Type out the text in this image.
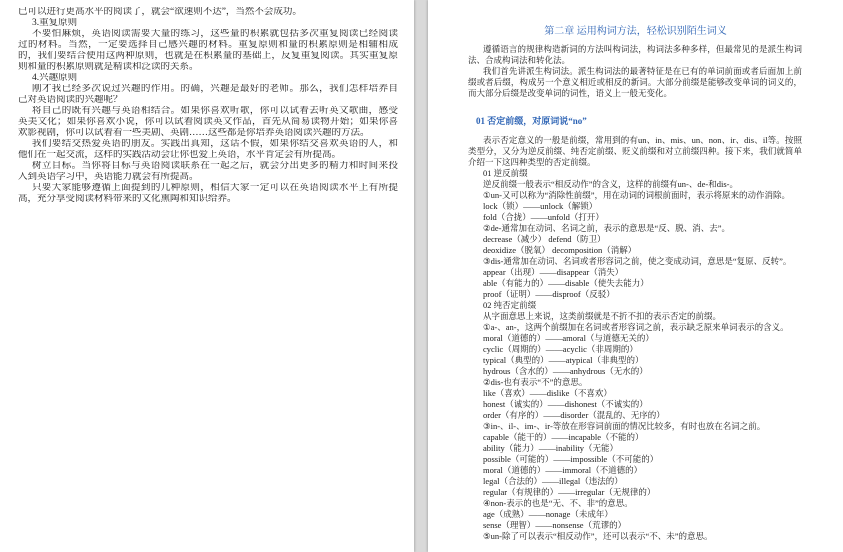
已可以进行更高水平的阅读了，就会“欲速则不达”，当然不会成功。
3.重复原则
不要怕麻烦，英语阅读需要大量的练习，这些量的积累就包括多次重复阅读已经阅读
过的材料。当然，一定要选择自己感兴趣的材料。重复原则和量的积累原则是相辅相成
的，我们要结合使用这两种原则，也就是在积累量的基础上，反复重复阅读。其实重复原
则和量的积累原则就是精读和泛读的关系。
4.兴趣原则
刚才我已经多次说过兴趣的作用。的确，兴趣是最好的老师。那么，我们怎样培养自
己对英语阅读的兴趣呢？
将自己的既有兴趣与英语相结合。如果你喜欢听歌，你可以试着去听英文歌曲，感受
英美文化；如果你喜欢小说，你可以试着阅读英文作品，首先从简易读物开始；如果你喜
欢影视剧，你可以试着看一些美剧、英剧……这些都是你培养英语阅读兴趣的方法。
我们要结交热爱英语的朋友。实践出真知，这话不假，如果你结交喜欢英语的人，和
他们在一起交流，这样的实践活动会让你也爱上英语，水平肯定会有所提高。
树立目标。当你将目标与英语阅读联系在一起之后，就会分出更多的精力和时间来投
入到英语学习中，英语能力就会有所提高。
只要大家能够遵循上面提到的几种原则，相信大家一定可以在英语阅读水平上有所提
高，充分享受阅读材料带来的文化熏陶和知识给养。
第二章 运用构词方法，轻松识别陌生词义
遵循语言的规律构造新词的方法叫构词法，构词法多种多样，但最常见的是派生构词
法、合成构词法和转化法。
我们首先讲派生构词法。派生构词法的最著特征是在已有的单词前面或者后面加上前
缀或者后缀，构成另一个意义相近或相反的新词。大部分前缀是能够改变单词的词义的，
而大部分后缀是改变单词的词性，语义上一般无变化。
01 否定前缀，对原词说“no”
表示否定意义的一般是前缀，常用到的有un、in、mis、un、non、ir、dis、il等。按照
类型分，又分为逆反前缀、纯否定前缀、贬义前缀和对立前缀四种。接下来，我们就简单
介绍一下这四种类型的否定前缀。
01 逆反前缀
逆反前缀一般表示“相反动作”的含义，这样的前缀有un-、de-和dis-。
①un-又可以称为“消除性前缀”，用在动词的词根前面时，表示将原来的动作消除。
lock（锁）——unlock（解锁）
fold（合拢）——unfold（打开）
②de-通常加在动词、名词之前，表示的意思是“反、脱、消、去”。
decrease（减少） defend（防卫）
deoxidize（脱氧） decomposition（消解）
③dis-通常加在动词、名词或者形容词之前，使之变成动词，意思是“复原、反转”。
appear（出现）——disappear（消失）
able（有能力的）——disable（使失去能力）
proof（证明）——disproof（反驳）
02 纯否定前缀
从字面意思上来说，这类前缀就是不折不扣的表示否定的前缀。
①a-、an-，这两个前缀加在名词或者形容词之前，表示缺乏原来单词表示的含义。
moral（道德的）——amoral（与道德无关的）
cyclic（周期的）——acyclic（非周期的）
typical（典型的）——atypical（非典型的）
hydrous（含水的）——anhydrous（无水的）
②dis-也有表示“不”的意思。
like（喜欢）——dislike（不喜欢）
honest（诚实的）——dishonest（不诚实的）
order（有序的）——disorder（混乱的、无序的）
③in-、il-、im-、ir-等放在形容词前面的情况比较多，有时也放在名词之前。
capable（能干的）——incapable（不能的）
ability（能力）——inability（无能）
possible（可能的）——impossible（不可能的）
moral（道德的）——immoral（不道德的）
legal（合法的）——illegal（违法的）
regular（有规律的）——irregular（无规律的）
④non-表示的也是“无、不、非”的意思。
age（成熟）——nonage（未成年）
sense（理智）——nonsense（荒谬的）
⑤un-除了可以表示“相反动作”，还可以表示“不、未”的意思。
